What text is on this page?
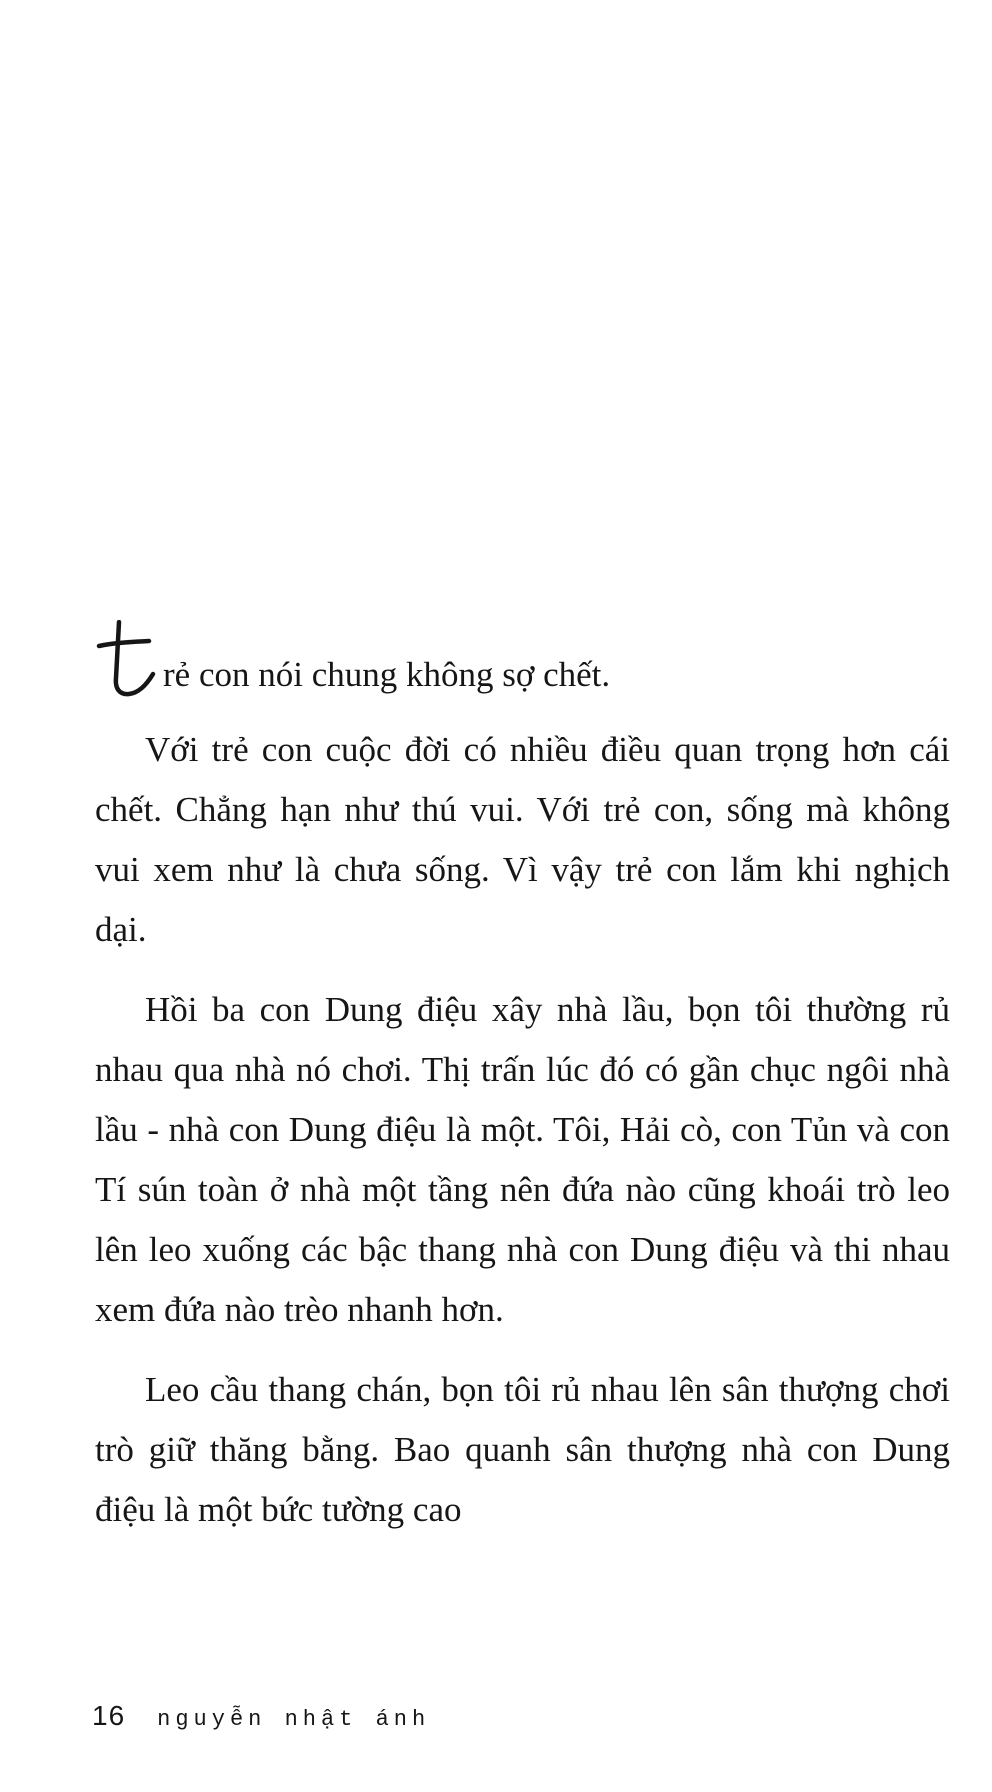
rẻ con nói chung không sợ chết.

Với trẻ con cuộc đời có nhiều điều quan trọng hơn cái chết. Chẳng hạn như thú vui. Với trẻ con, sống mà không vui xem như là chưa sống. Vì vậy trẻ con lắm khi nghịch dại.

Hồi ba con Dung điệu xây nhà lầu, bọn tôi thường rủ nhau qua nhà nó chơi. Thị trấn lúc đó có gần chục ngôi nhà lầu - nhà con Dung điệu là một. Tôi, Hải cò, con Tủn và con Tí sún toàn ở nhà một tầng nên đứa nào cũng khoái trò leo lên leo xuống các bậc thang nhà con Dung điệu và thi nhau xem đứa nào trèo nhanh hơn.

Leo cầu thang chán, bọn tôi rủ nhau lên sân thượng chơi trò giữ thăng bằng. Bao quanh sân thượng nhà con Dung điệu là một bức tường cao

16 nguyễn nhật ánh
